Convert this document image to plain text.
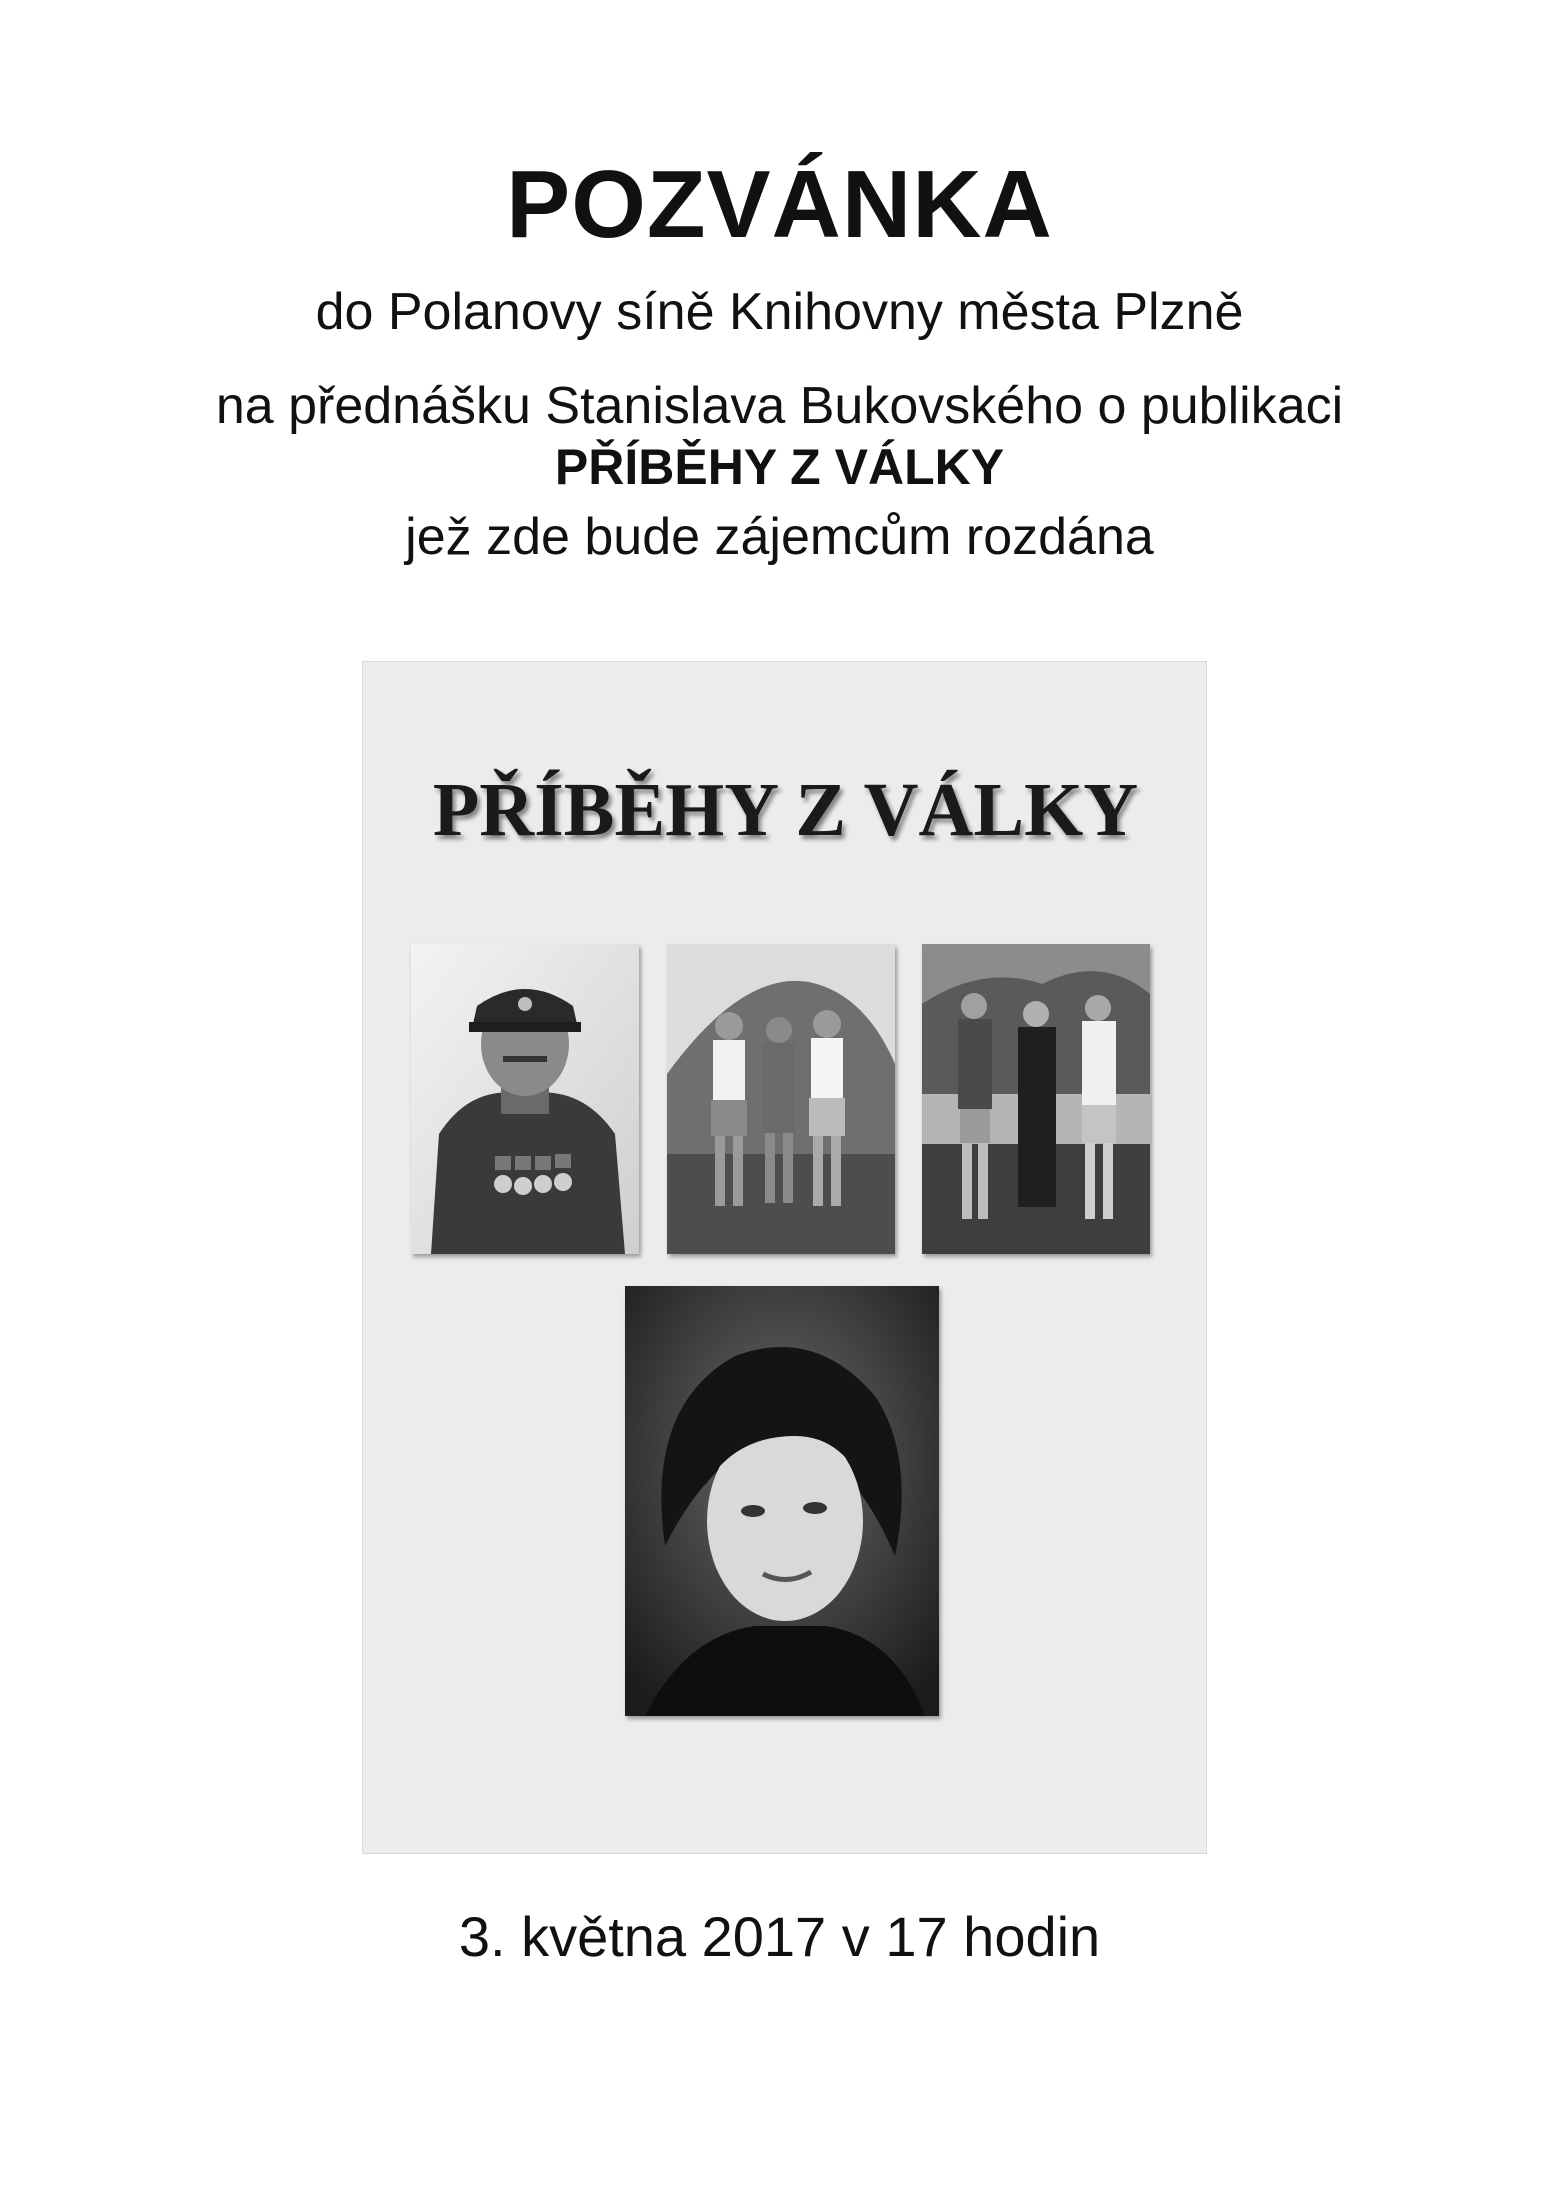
POZVÁNKA
do Polanovy síně Knihovny města Plzně
na přednášku Stanislava Bukovského o publikaci
PŘÍBĚHY Z VÁLKY
jež zde bude zájemcům rozdána
PŘÍBĚHY Z VÁLKY
3. května 2017 v 17 hodin
